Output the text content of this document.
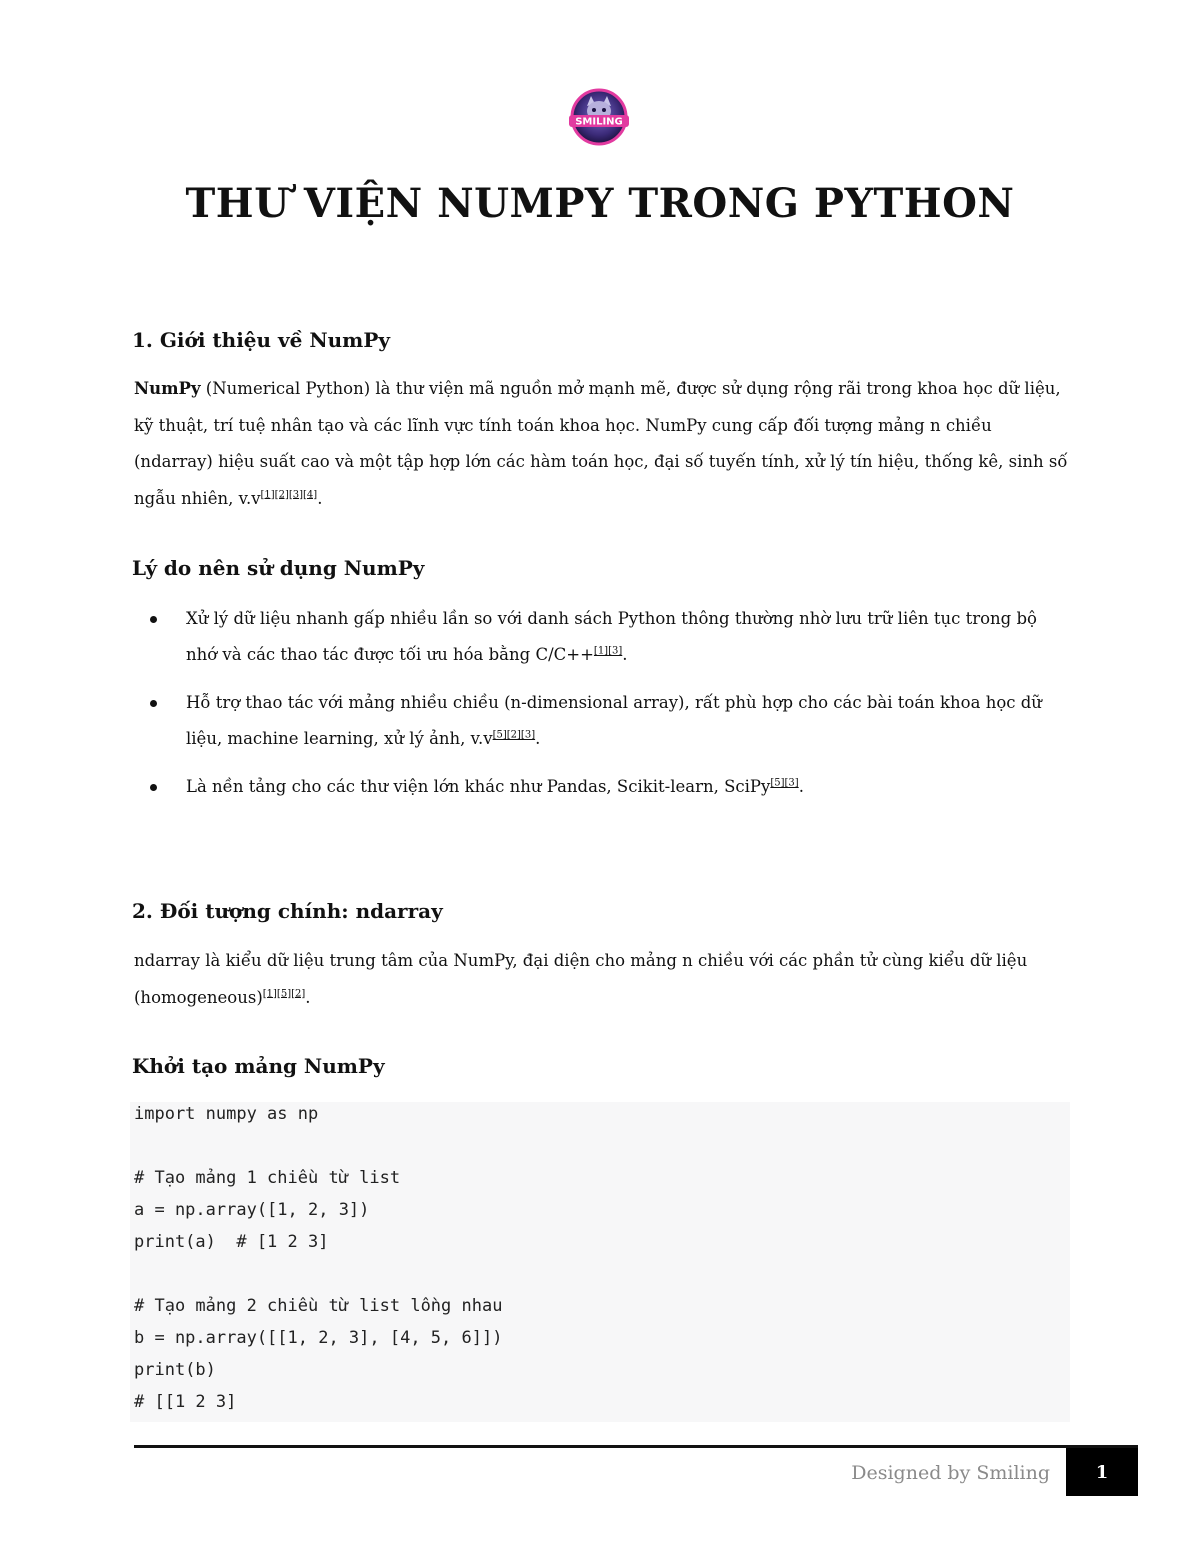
SMILING
THƯ VIỆN NUMPY TRONG PYTHON
1. Giới thiệu về NumPy
NumPy (Numerical Python) là thư viện mã nguồn mở mạnh mẽ, được sử dụng rộng rãi trong khoa học dữ liệu, kỹ thuật, trí tuệ nhân tạo và các lĩnh vực tính toán khoa học. NumPy cung cấp đối tượng mảng n chiều (ndarray) hiệu suất cao và một tập hợp lớn các hàm toán học, đại số tuyến tính, xử lý tín hiệu, thống kê, sinh số ngẫu nhiên, v.v[1][2][3][4].
Lý do nên sử dụng NumPy
Xử lý dữ liệu nhanh gấp nhiều lần so với danh sách Python thông thường nhờ lưu trữ liên tục trong bộ nhớ và các thao tác được tối ưu hóa bằng C/C++[1][3].
Hỗ trợ thao tác với mảng nhiều chiều (n-dimensional array), rất phù hợp cho các bài toán khoa học dữ liệu, machine learning, xử lý ảnh, v.v[5][2][3].
Là nền tảng cho các thư viện lớn khác như Pandas, Scikit-learn, SciPy[5][3].
2. Đối tượng chính: ndarray
ndarray là kiểu dữ liệu trung tâm của NumPy, đại diện cho mảng n chiều với các phần tử cùng kiểu dữ liệu (homogeneous)[1][5][2].
Khởi tạo mảng NumPy
import numpy as np
# Tạo mảng 1 chiều từ list
a = np.array([1, 2, 3])
print(a)  # [1 2 3]
# Tạo mảng 2 chiều từ list lồng nhau
b = np.array([[1, 2, 3], [4, 5, 6]])
print(b)
# [[1 2 3]
Designed by Smiling	1
